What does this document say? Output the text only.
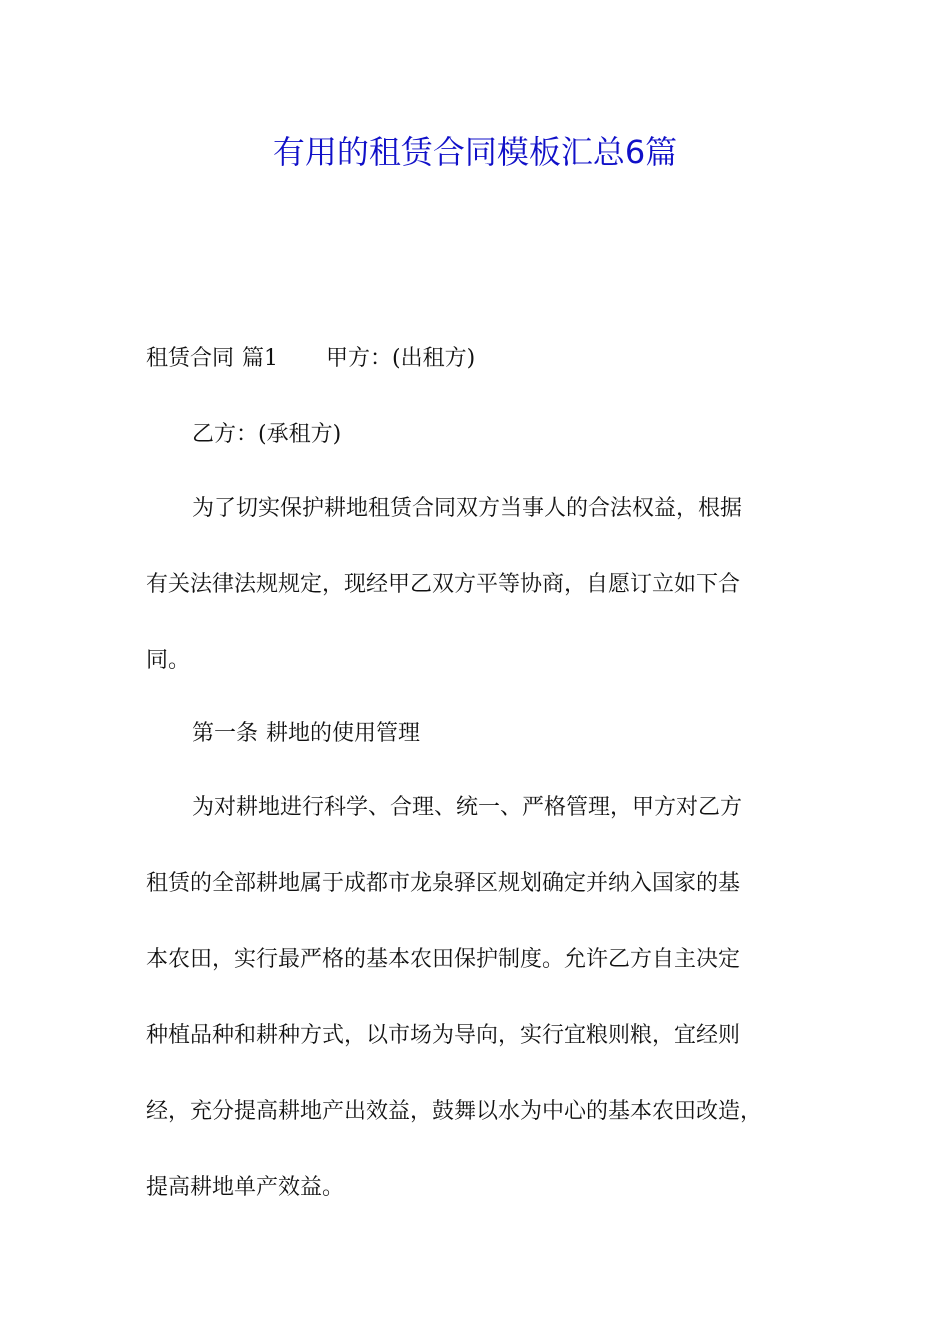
有用的租赁合同模板汇总6篇
租赁合同 篇1 甲方：(出租方)
乙方：(承租方)
为了切实保护耕地租赁合同双方当事人的合法权益，根据
有关法律法规规定，现经甲乙双方平等协商，自愿订立如下合
同。
第一条 耕地的使用管理
为对耕地进行科学、合理、统一、严格管理，甲方对乙方
租赁的全部耕地属于成都市龙泉驿区规划确定并纳入国家的基
本农田，实行最严格的基本农田保护制度。允许乙方自主决定
种植品种和耕种方式，以市场为导向，实行宜粮则粮，宜经则
经，充分提高耕地产出效益，鼓舞以水为中心的基本农田改造，
提高耕地单产效益。
